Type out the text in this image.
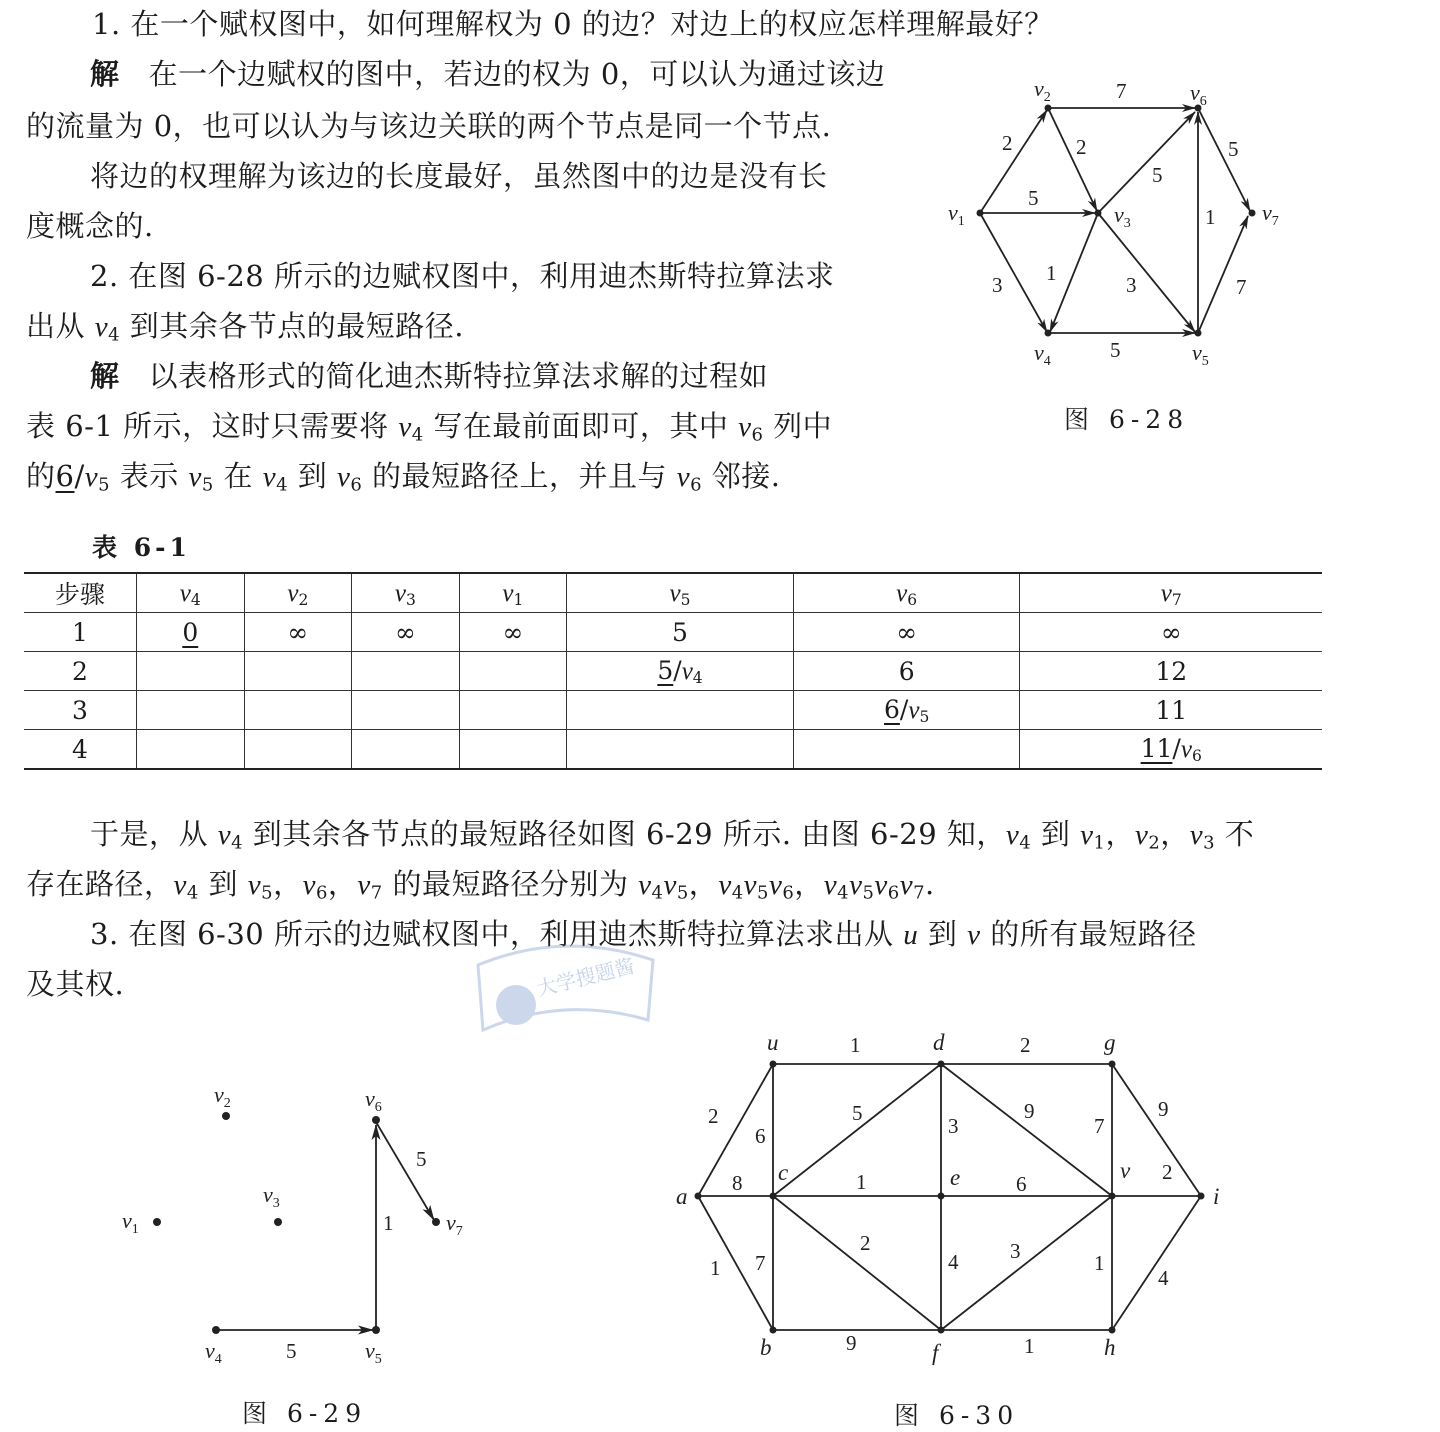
1. 在一个赋权图中，如何理解权为 0 的边？对边上的权应怎样理解最好？
解 在一个边赋权的图中，若边的权为 0，可以认为通过该边
的流量为 0，也可以认为与该边关联的两个节点是同一个节点.
将边的权理解为该边的长度最好，虽然图中的边是没有长
度概念的.
2. 在图 6-28 所示的边赋权图中，利用迪杰斯特拉算法求
出从 $v_4$ 到其余各节点的最短路径.
解 以表格形式的简化迪杰斯特拉算法求解的过程如
表 6-1 所示，这时只需要将 $v_4$ 写在最前面即可，其中 $v_6$ 列中
的$6/v_5$ 表示 $v_5$ 在 $v_4$ 到 $v_6$ 的最短路径上，并且与 $v_6$ 邻接.
$v_1$
$v_2$
$v_3$
$v_4$	$v_5$
$v_6$
$v_7$
2
5
3
7
2
5
1	3
5
1
5
7
图 6-28
表 6-1
步骤	$v_4$	$v_2$	$v_3$	$v_1$	$v_5$	$v_6$	$v_7$
1	0	∞	∞	∞	5	∞	∞
2					$5/v_4$	6	12
3						$6/v_5$	11
4							$11/v_6$
于是，从 $v_4$ 到其余各节点的最短路径如图 6-29 所示. 由图 6-29 知，$v_4$ 到 $v_1$，$v_2$，$v_3$ 不
存在路径，$v_4$ 到 $v_5$，$v_6$，$v_7$ 的最短路径分别为 $v_4v_5$，$v_4v_5v_6$，$v_4v_5v_6v_7$.
3. 在图 6-30 所示的边赋权图中，利用迪杰斯特拉算法求出从 u 到 v 的所有最短路径
及其权.	大学搜题酱
$v_2$
$v_1$
$v_3$
$v_4$	$v_5$
$v_6$
$v_7$
5
1
5
图 6-29
u	d	g
a
c	e	v
i
b	f	h
1	2
2
6
5
3
9
7
9
8	1	6	2
1 7
2
4 3	1
4
9	1
图 6-30
